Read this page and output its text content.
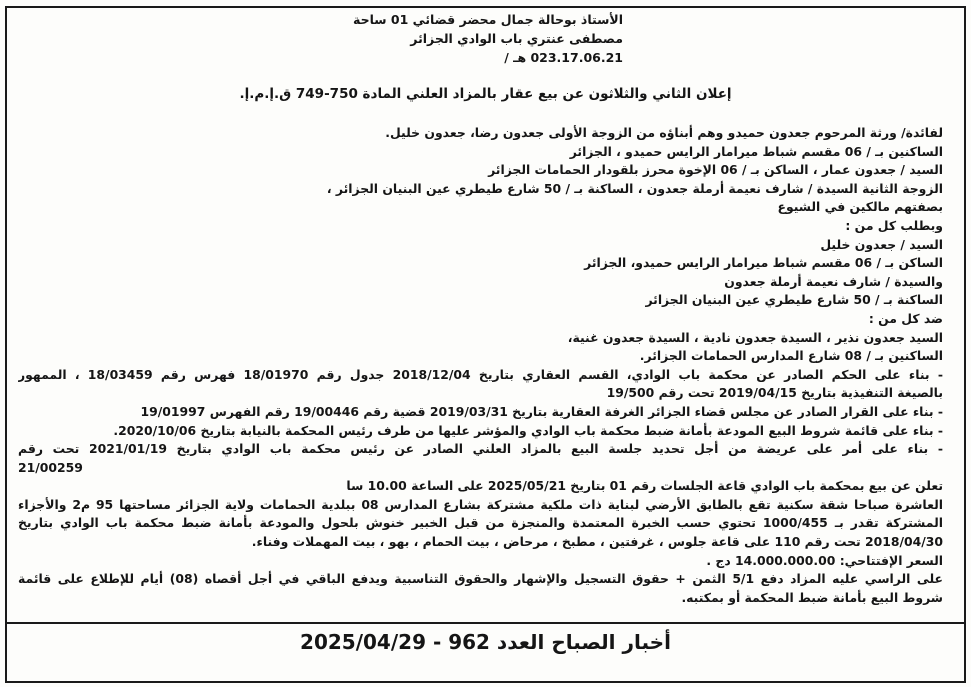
الأستاذ بوحالة جمال محضر قضائي 01 ساحة
مصطفى عنتري باب الوادي الجزائر
023.17.06.21 هـ /
إعلان الثاني والثلاثون عن بيع عقار بالمزاد العلني المادة 750-749 ق.إ.م.إ.
لفائدة/ ورثة المرحوم جعدون حميدو وهم أبناؤه من الزوجة الأولى جعدون رضا، جعدون خليل.
الساكنين بـ / 06 مقسم شباط ميرامار الرايس حميدو ، الجزائر
السيد / جعدون عمار ، الساكن بـ / 06 الإخوة محرز بلقودار الحمامات الجزائر
الزوجة الثانية السيدة / شارف نعيمة أرملة جعدون ، الساكنة بـ / 50 شارع طيطري عين البنيان الجزائر ،
بصفتهم مالكين في الشيوع
وبطلب كل من :
السيد / جعدون خليل
الساكن بـ / 06 مقسم شباط ميرامار الرايس حميدو، الجزائر
والسيدة / شارف نعيمة أرملة جعدون
الساكنة بـ / 50 شارع طيطري عين البنيان الجزائر
ضد كل من :
السيد جعدون نذير ، السيدة جعدون نادية ، السيدة جعدون غنية،
الساكنين بـ / 08 شارع المدارس الحمامات الجزائر.
- بناء على الحكم الصادر عن محكمة باب الوادي، القسم العقاري بتاريخ 2018/12/04 جدول رقم 18/01970 فهرس رقم 18/03459 ، الممهور
بالصيغة التنفيذية بتاريخ 2019/04/15 تحت رقم 19/500
- بناء على القرار الصادر عن مجلس قضاء الجزائر الغرفة العقارية بتاريخ 2019/03/31 قضية رقم 19/00446 رقم الفهرس 19/01997
- بناء على قائمة شروط البيع المودعة بأمانة ضبط محكمة باب الوادي والمؤشر عليها من طرف رئيس المحكمة بالنيابة بتاريخ 2020/10/06.
- بناء على أمر على عريضة من أجل تحديد جلسة البيع بالمزاد العلني الصادر عن رئيس محكمة باب الوادي بتاريخ 2021/01/19 تحت رقم
21/00259
تعلن عن بيع بمحكمة باب الوادي قاعة الجلسات رقم 01 بتاريخ 2025/05/21 على الساعة 10.00 سا
العاشرة صباحا شقة سكنية تقع بالطابق الأرضي لبناية ذات ملكية مشتركة بشارع المدارس 08 ببلدية الحمامات ولاية الجزائر مساحتها 95 م2 والأجزاء
المشتركة تقدر بـ 1000/455 تحتوي حسب الخبرة المعتمدة والمنجزة من قبل الخبير خنوش بلحول والمودعة بأمانة ضبط محكمة باب الوادي بتاريخ
2018/04/30 تحت رقم 110 على قاعة جلوس ، غرفتين ، مطبخ ، مرحاض ، بيت الحمام ، بهو ، بيت المهملات وفناء.
السعر الإفتتاحي: 14.000.000.00 دج .
على الراسي عليه المزاد دفع 5/1 الثمن + حقوق التسجيل والإشهار والحقوق التناسبية ويدفع الباقي في أجل أقصاه (08) أيام للإطلاع على قائمة
شروط البيع بأمانة ضبط المحكمة أو بمكتبه.
أخبار الصباح العدد 962 - 2025/04/29
